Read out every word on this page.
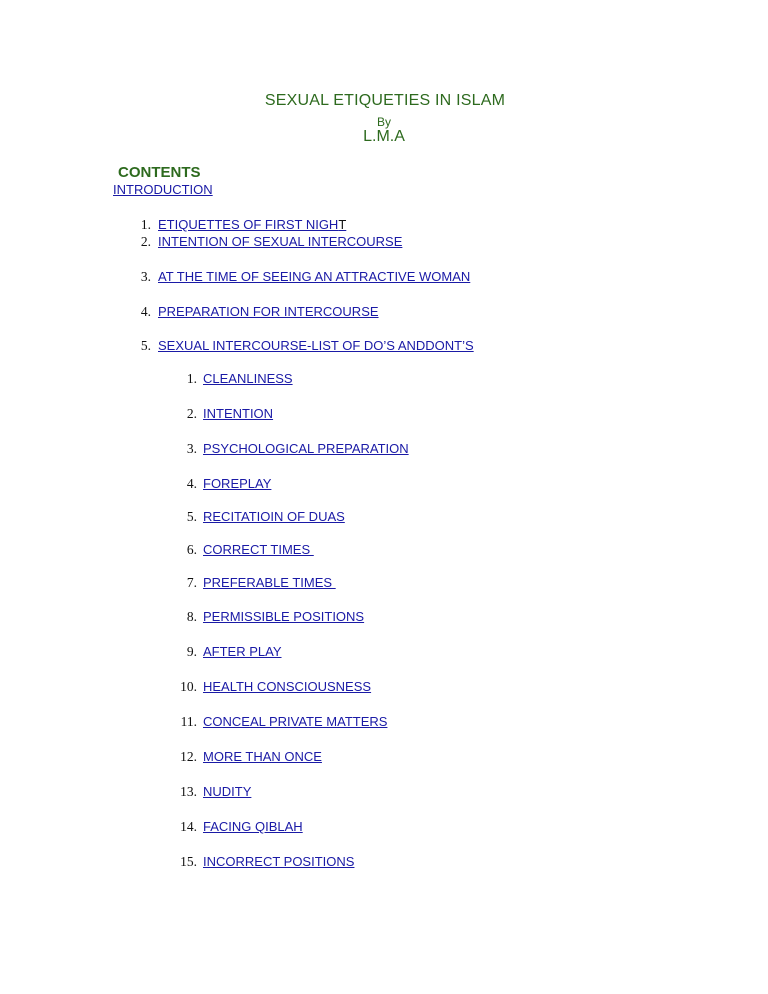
SEXUAL ETIQUETIES IN ISLAM
By
L.M.A
CONTENTS
INTRODUCTION
1. ETIQUETTES OF FIRST NIGHT
2. INTENTION OF SEXUAL INTERCOURSE
3. AT THE TIME OF SEEING AN ATTRACTIVE WOMAN
4. PREPARATION FOR INTERCOURSE
5. SEXUAL INTERCOURSE-LIST OF DO’S ANDDONT’S
1. CLEANLINESS
2. INTENTION
3. PSYCHOLOGICAL PREPARATION
4. FOREPLAY
5. RECITATIOIN OF DUAS
6. CORRECT TIMES
7. PREFERABLE TIMES
8. PERMISSIBLE POSITIONS
9. AFTER PLAY
10. HEALTH CONSCIOUSNESS
11. CONCEAL PRIVATE MATTERS
12. MORE THAN ONCE
13. NUDITY
14. FACING QIBLAH
15. INCORRECT POSITIONS
